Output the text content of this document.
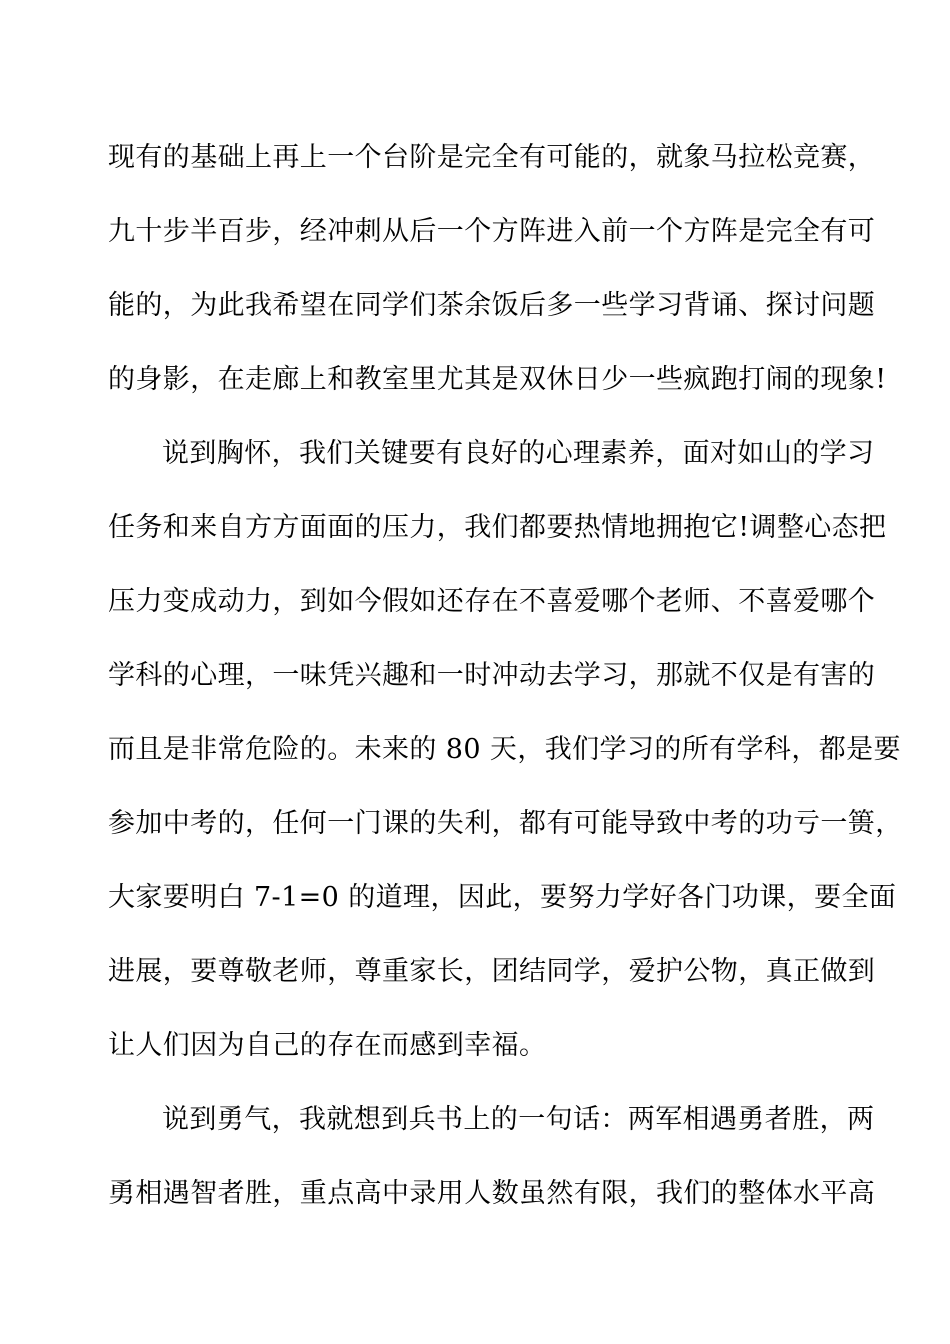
现有的基础上再上一个台阶是完全有可能的，就象马拉松竞赛，
九十步半百步，经冲刺从后一个方阵进入前一个方阵是完全有可
能的，为此我希望在同学们茶余饭后多一些学习背诵、探讨问题
的身影，在走廊上和教室里尤其是双休日少一些疯跑打闹的现象!
说到胸怀，我们关键要有良好的心理素养，面对如山的学习
任务和来自方方面面的压力，我们都要热情地拥抱它!调整心态把
压力变成动力，到如今假如还存在不喜爱哪个老师、不喜爱哪个
学科的心理，一味凭兴趣和一时冲动去学习，那就不仅是有害的
而且是非常危险的。未来的 80 天，我们学习的所有学科，都是要
参加中考的，任何一门课的失利，都有可能导致中考的功亏一篑，
大家要明白 7-1=0 的道理，因此，要努力学好各门功课，要全面
进展，要尊敬老师，尊重家长，团结同学，爱护公物，真正做到
让人们因为自己的存在而感到幸福。
说到勇气，我就想到兵书上的一句话：两军相遇勇者胜，两
勇相遇智者胜，重点高中录用人数虽然有限，我们的整体水平高
